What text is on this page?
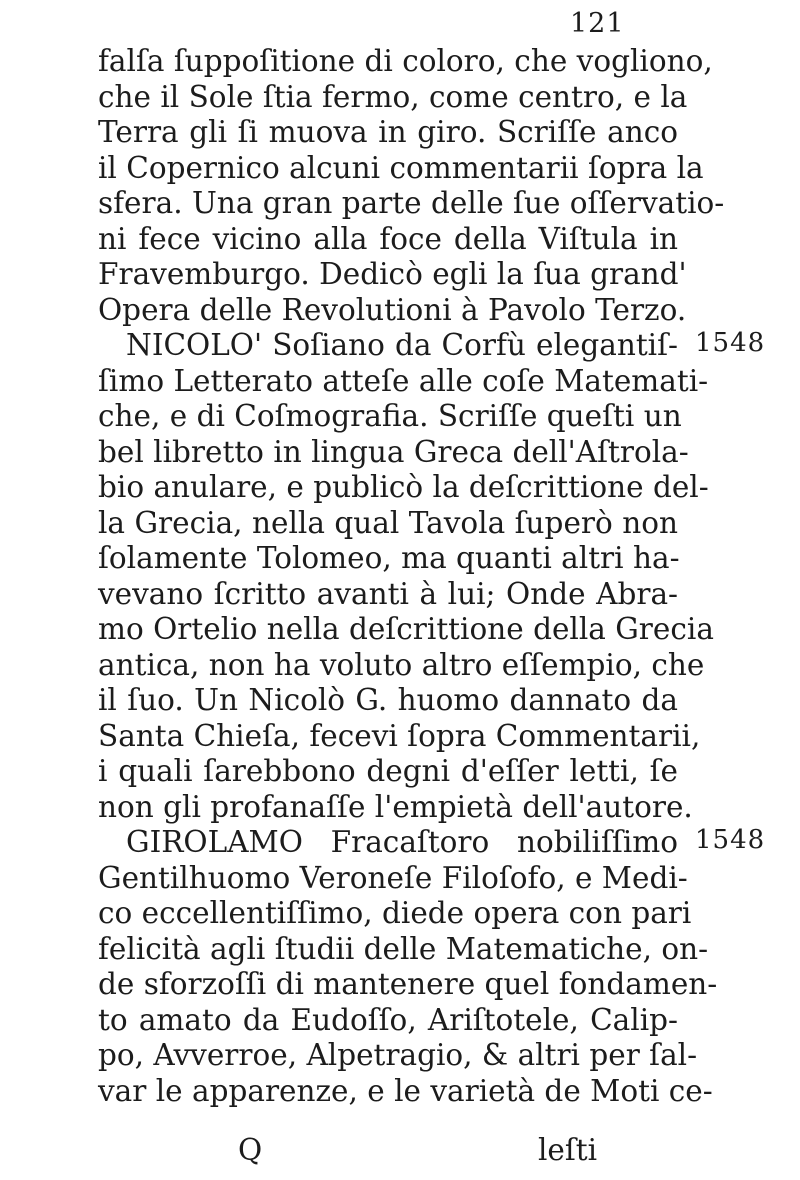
121
falſa ſuppoſitione di coloro, che vogliono,
che il Sole ſtia fermo, come centro, e la
Terra gli ſi muova in giro. Scriſſe anco
il Copernico alcuni commentarii ſopra la
sfera. Una gran parte delle ſue oſſervatio-
ni fece vicino alla foce della Viſtula in
Fravemburgo. Dedicò egli la ſua grand'
Opera delle Revolutioni à Pavolo Terzo.
NICOLO' Soſiano da Corfù elegantiſ-
ſimo Letterato atteſe alle coſe Matemati-
che, e di Coſmografia. Scriſſe queſti un
bel libretto in lingua Greca dell'Aſtrola-
bio anulare, e publicò la deſcrittione del-
la Grecia, nella qual Tavola ſuperò non
ſolamente Tolomeo, ma quanti altri ha-
vevano ſcritto avanti à lui; Onde Abra-
mo Ortelio nella deſcrittione della Grecia
antica, non ha voluto altro eſſempio, che
il ſuo. Un Nicolò G. huomo dannato da
Santa Chieſa, fecevi ſopra Commentarii,
i quali ſarebbono degni d'eſſer letti, ſe
non gli profanaſſe l'empietà dell'autore.
GIROLAMO Fracaſtoro nobiliſſimo
Gentilhuomo Veroneſe Filoſofo, e Medi-
co eccellentiſſimo, diede opera con pari
felicità agli ſtudii delle Matematiche, on-
de sforzoſſi di mantenere quel fondamen-
to amato da Eudoſſo, Ariſtotele, Calip-
po, Avverroe, Alpetragio, & altri per ſal-
var le apparenze, e le varietà de Moti ce-
1548
1548
Q	leſti
